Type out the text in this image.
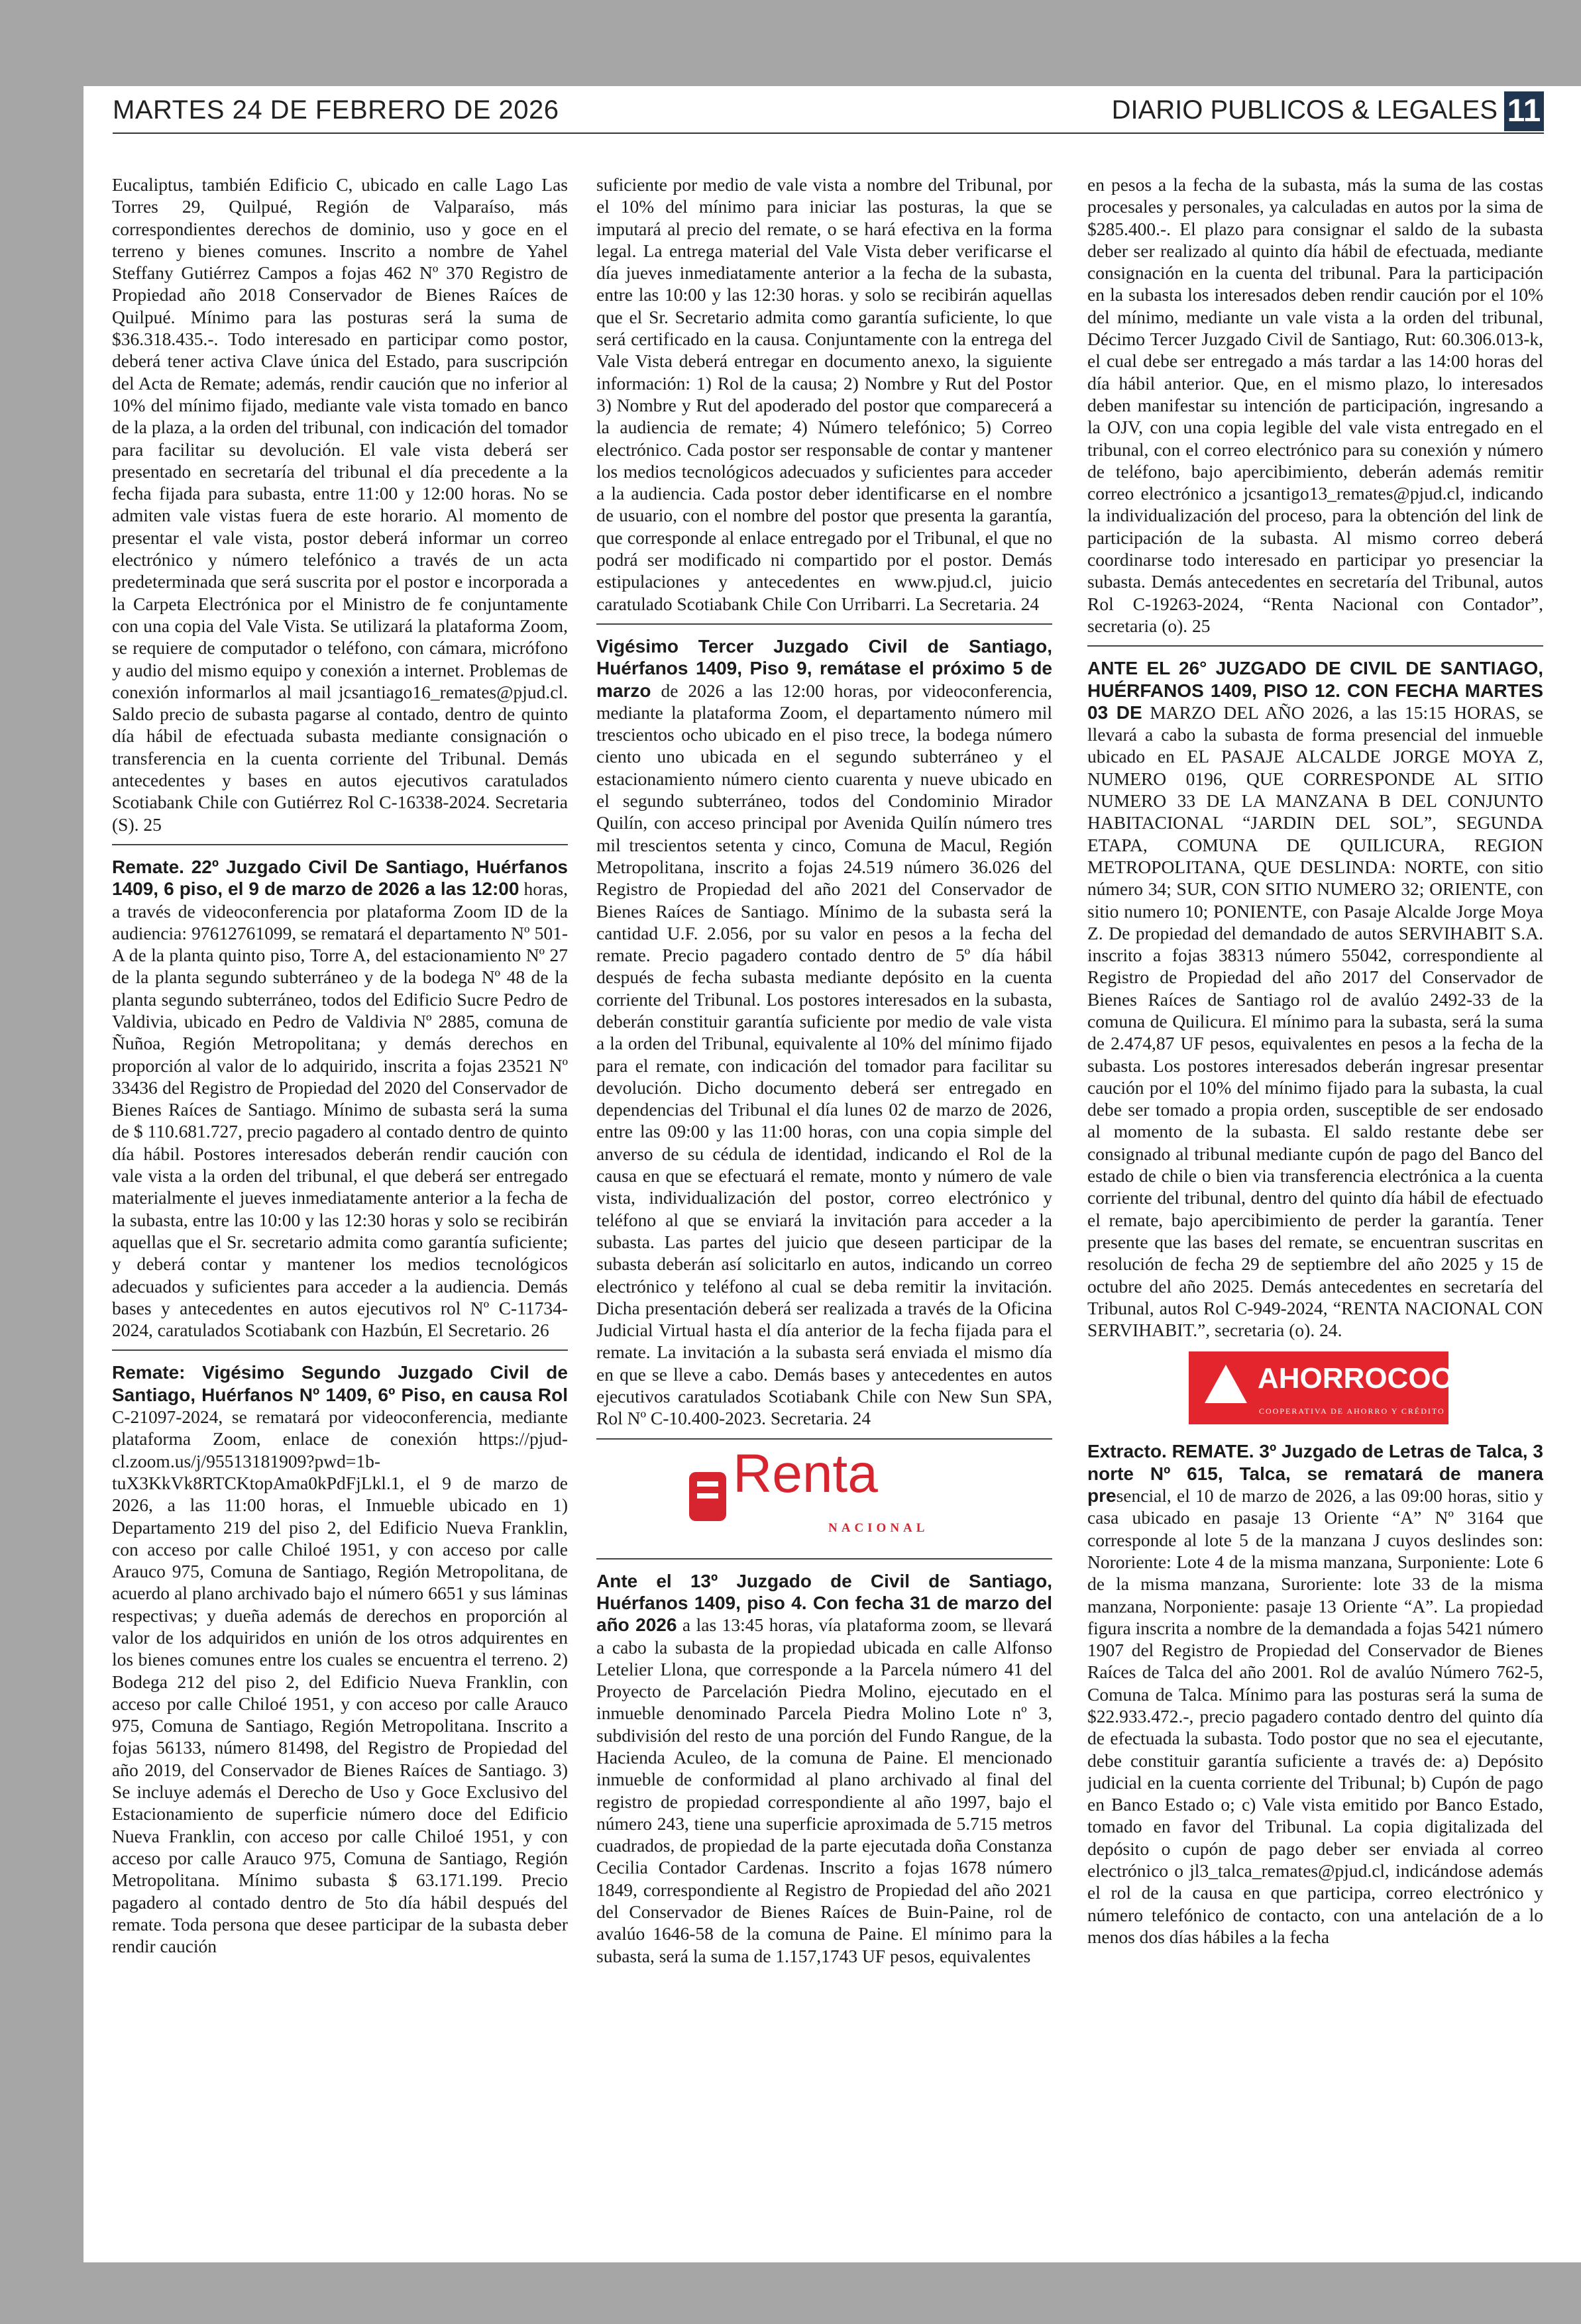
MARTES 24 DE FEBRERO DE 2026	DIARIO PUBLICOS & LEGALES 11

Eucaliptus, también Edificio C, ubicado en calle Lago Las Torres 29, Quilpué, Región de Valparaíso, más correspondientes derechos de dominio, uso y goce en el terreno y bienes comunes. Inscrito a nombre de Yahel Steffany Gutiérrez Campos a fojas 462 Nº 370 Registro de Propiedad año 2018 Conservador de Bienes Raíces de Quilpué. Mínimo para las posturas será la suma de $36.318.435.-. Todo interesado en participar como postor, deberá tener activa Clave única del Estado, para suscripción del Acta de Remate; además, rendir caución que no inferior al 10% del mínimo fijado, mediante vale vista tomado en banco de la plaza, a la orden del tribunal, con indicación del tomador para facilitar su devolución. El vale vista deberá ser presentado en secretaría del tribunal el día precedente a la fecha fijada para subasta, entre 11:00 y 12:00 horas. No se admiten vale vistas fuera de este horario. Al momento de presentar el vale vista, postor deberá informar un correo electrónico y número telefónico a través de un acta predeterminada que será suscrita por el postor e incorporada a la Carpeta Electrónica por el Ministro de fe conjuntamente con una copia del Vale Vista. Se utilizará la plataforma Zoom, se requiere de computador o teléfono, con cámara, micrófono y audio del mismo equipo y conexión a internet. Problemas de conexión informarlos al mail jcsantiago16_remates@pjud.cl. Saldo precio de subasta pagarse al contado, dentro de quinto día hábil de efectuada subasta mediante consignación o transferencia en la cuenta corriente del Tribunal. Demás antecedentes y bases en autos ejecutivos caratulados Scotiabank Chile con Gutiérrez Rol C-16338-2024. Secretaria (S). 25

Remate. 22º Juzgado Civil De Santiago, Huérfanos 1409, 6 piso, el 9 de marzo de 2026 a las 12:00 horas, a través de videoconferencia por plataforma Zoom ID de la audiencia: 97612761099, se rematará el departamento Nº 501-A de la planta quinto piso, Torre A, del estacionamiento Nº 27 de la planta segundo subterráneo y de la bodega Nº 48 de la planta segundo subterráneo, todos del Edificio Sucre Pedro de Valdivia, ubicado en Pedro de Valdivia Nº 2885, comuna de Ñuñoa, Región Metropolitana; y demás derechos en proporción al valor de lo adquirido, inscrita a fojas 23521 Nº 33436 del Registro de Propiedad del 2020 del Conservador de Bienes Raíces de Santiago. Mínimo de subasta será la suma de $ 110.681.727, precio pagadero al contado dentro de quinto día hábil. Postores interesados deberán rendir caución con vale vista a la orden del tribunal, el que deberá ser entregado materialmente el jueves inmediatamente anterior a la fecha de la subasta, entre las 10:00 y las 12:30 horas y solo se recibirán aquellas que el Sr. secretario admita como garantía suficiente; y deberá contar y mantener los medios tecnológicos adecuados y suficientes para acceder a la audiencia. Demás bases y antecedentes en autos ejecutivos rol Nº C-11734-2024, caratulados Scotiabank con Hazbún, El Secretario. 26

Remate: Vigésimo Segundo Juzgado Civil de Santiago, Huérfanos Nº 1409, 6º Piso, en causa Rol C-21097-2024, se rematará por videoconferencia, mediante plataforma Zoom, enlace de conexión https://pjud-cl.zoom.us/j/95513181909?pwd=1b-tuX3KkVk8RTCKtopAma0kPdFjLkl.1, el 9 de marzo de 2026, a las 11:00 horas, el Inmueble ubicado en 1) Departamento 219 del piso 2, del Edificio Nueva Franklin, con acceso por calle Chiloé 1951, y con acceso por calle Arauco 975, Comuna de Santiago, Región Metropolitana, de acuerdo al plano archivado bajo el número 6651 y sus láminas respectivas; y dueña además de derechos en proporción al valor de los adquiridos en unión de los otros adquirentes en los bienes comunes entre los cuales se encuentra el terreno. 2) Bodega 212 del piso 2, del Edificio Nueva Franklin, con acceso por calle Chiloé 1951, y con acceso por calle Arauco 975, Comuna de Santiago, Región Metropolitana. Inscrito a fojas 56133, número 81498, del Registro de Propiedad del año 2019, del Conservador de Bienes Raíces de Santiago. 3) Se incluye además el Derecho de Uso y Goce Exclusivo del Estacionamiento de superficie número doce del Edificio Nueva Franklin, con acceso por calle Chiloé 1951, y con acceso por calle Arauco 975, Comuna de Santiago, Región Metropolitana. Mínimo subasta $ 63.171.199. Precio pagadero al contado dentro de 5to día hábil después del remate. Toda persona que desee participar de la subasta deber rendir caución

suficiente por medio de vale vista a nombre del Tribunal, por el 10% del mínimo para iniciar las posturas, la que se imputará al precio del remate, o se hará efectiva en la forma legal. La entrega material del Vale Vista deber verificarse el día jueves inmediatamente anterior a la fecha de la subasta, entre las 10:00 y las 12:30 horas. y solo se recibirán aquellas que el Sr. Secretario admita como garantía suficiente, lo que será certificado en la causa. Conjuntamente con la entrega del Vale Vista deberá entregar en documento anexo, la siguiente información: 1) Rol de la causa; 2) Nombre y Rut del Postor 3) Nombre y Rut del apoderado del postor que comparecerá a la audiencia de remate; 4) Número telefónico; 5) Correo electrónico. Cada postor ser responsable de contar y mantener los medios tecnológicos adecuados y suficientes para acceder a la audiencia. Cada postor deber identificarse en el nombre de usuario, con el nombre del postor que presenta la garantía, que corresponde al enlace entregado por el Tribunal, el que no podrá ser modificado ni compartido por el postor. Demás estipulaciones y antecedentes en www.pjud.cl, juicio caratulado Scotiabank Chile Con Urribarri. La Secretaria. 24

Vigésimo Tercer Juzgado Civil de Santiago, Huérfanos 1409, Piso 9, remátase el próximo 5 de marzo de 2026 a las 12:00 horas, por videoconferencia, mediante la plataforma Zoom, el departamento número mil trescientos ocho ubicado en el piso trece, la bodega número ciento uno ubicada en el segundo subterráneo y el estacionamiento número ciento cuarenta y nueve ubicado en el segundo subterráneo, todos del Condominio Mirador Quilín, con acceso principal por Avenida Quilín número tres mil trescientos setenta y cinco, Comuna de Macul, Región Metropolitana, inscrito a fojas 24.519 número 36.026 del Registro de Propiedad del año 2021 del Conservador de Bienes Raíces de Santiago. Mínimo de la subasta será la cantidad U.F. 2.056, por su valor en pesos a la fecha del remate. Precio pagadero contado dentro de 5º día hábil después de fecha subasta mediante depósito en la cuenta corriente del Tribunal. Los postores interesados en la subasta, deberán constituir garantía suficiente por medio de vale vista a la orden del Tribunal, equivalente al 10% del mínimo fijado para el remate, con indicación del tomador para facilitar su devolución. Dicho documento deberá ser entregado en dependencias del Tribunal el día lunes 02 de marzo de 2026, entre las 09:00 y las 11:00 horas, con una copia simple del anverso de su cédula de identidad, indicando el Rol de la causa en que se efectuará el remate, monto y número de vale vista, individualización del postor, correo electrónico y teléfono al que se enviará la invitación para acceder a la subasta. Las partes del juicio que deseen participar de la subasta deberán así solicitarlo en autos, indicando un correo electrónico y teléfono al cual se deba remitir la invitación. Dicha presentación deberá ser realizada a través de la Oficina Judicial Virtual hasta el día anterior de la fecha fijada para el remate. La invitación a la subasta será enviada el mismo día en que se lleve a cabo. Demás bases y antecedentes en autos ejecutivos caratulados Scotiabank Chile con New Sun SPA, Rol Nº C-10.400-2023. Secretaria. 24

Renta
NACIONAL

Ante el 13º Juzgado de Civil de Santiago, Huérfanos 1409, piso 4. Con fecha 31 de marzo del año 2026 a las 13:45 horas, vía plataforma zoom, se llevará a cabo la subasta de la propiedad ubicada en calle Alfonso Letelier Llona, que corresponde a la Parcela número 41 del Proyecto de Parcelación Piedra Molino, ejecutado en el inmueble denominado Parcela Piedra Molino Lote nº 3, subdivisión del resto de una porción del Fundo Rangue, de la Hacienda Aculeo, de la comuna de Paine. El mencionado inmueble de conformidad al plano archivado al final del registro de propiedad correspondiente al año 1997, bajo el número 243, tiene una superficie aproximada de 5.715 metros cuadrados, de propiedad de la parte ejecutada doña Constanza Cecilia Contador Cardenas. Inscrito a fojas 1678 número 1849, correspondiente al Registro de Propiedad del año 2021 del Conservador de Bienes Raíces de Buin-Paine, rol de avalúo 1646-58 de la comuna de Paine. El mínimo para la subasta, será la suma de 1.157,1743 UF pesos, equivalentes

en pesos a la fecha de la subasta, más la suma de las costas procesales y personales, ya calculadas en autos por la sima de $285.400.-. El plazo para consignar el saldo de la subasta deber ser realizado al quinto día hábil de efectuada, mediante consignación en la cuenta del tribunal. Para la participación en la subasta los interesados deben rendir caución por el 10% del mínimo, mediante un vale vista a la orden del tribunal, Décimo Tercer Juzgado Civil de Santiago, Rut: 60.306.013-k, el cual debe ser entregado a más tardar a las 14:00 horas del día hábil anterior. Que, en el mismo plazo, lo interesados deben manifestar su intención de participación, ingresando a la OJV, con una copia legible del vale vista entregado en el tribunal, con el correo electrónico para su conexión y número de teléfono, bajo apercibimiento, deberán además remitir correo electrónico a jcsantigo13_remates@pjud.cl, indicando la individualización del proceso, para la obtención del link de participación de la subasta. Al mismo correo deberá coordinarse todo interesado en participar yo presenciar la subasta. Demás antecedentes en secretaría del Tribunal, autos Rol C-19263-2024, “Renta Nacional con Contador”, secretaria (o). 25

ANTE EL 26° JUZGADO DE CIVIL DE SANTIAGO, HUÉRFANOS 1409, PISO 12. CON FECHA MARTES 03 DE MARZO DEL AÑO 2026, a las 15:15 HORAS, se llevará a cabo la subasta de forma presencial del inmueble ubicado en EL PASAJE ALCALDE JORGE MOYA Z, NUMERO 0196, QUE CORRESPONDE AL SITIO NUMERO 33 DE LA MANZANA B DEL CONJUNTO HABITACIONAL “JARDIN DEL SOL”, SEGUNDA ETAPA, COMUNA DE QUILICURA, REGION METROPOLITANA, QUE DESLINDA: NORTE, con sitio número 34; SUR, CON SITIO NUMERO 32; ORIENTE, con sitio numero 10; PONIENTE, con Pasaje Alcalde Jorge Moya Z. De propiedad del demandado de autos SERVIHABIT S.A. inscrito a fojas 38313 número 55042, correspondiente al Registro de Propiedad del año 2017 del Conservador de Bienes Raíces de Santiago rol de avalúo 2492-33 de la comuna de Quilicura. El mínimo para la subasta, será la suma de 2.474,87 UF pesos, equivalentes en pesos a la fecha de la subasta. Los postores interesados deberán ingresar presentar caución por el 10% del mínimo fijado para la subasta, la cual debe ser tomado a propia orden, susceptible de ser endosado al momento de la subasta. El saldo restante debe ser consignado al tribunal mediante cupón de pago del Banco del estado de chile o bien via transferencia electrónica a la cuenta corriente del tribunal, dentro del quinto día hábil de efectuado el remate, bajo apercibimiento de perder la garantía. Tener presente que las bases del remate, se encuentran suscritas en resolución de fecha 29 de septiembre del año 2025 y 15 de octubre del año 2025. Demás antecedentes en secretaría del Tribunal, autos Rol C-949-2024, “RENTA NACIONAL CON SERVIHABIT.”, secretaria (o). 24.

AHORROCOOP
COOPERATIVA DE AHORRO Y CRÉDITO

Extracto. REMATE. 3º Juzgado de Letras de Talca, 3 norte Nº 615, Talca, se rematará de manera presencial, el 10 de marzo de 2026, a las 09:00 horas, sitio y casa ubicado en pasaje 13 Oriente “A” Nº 3164 que corresponde al lote 5 de la manzana J cuyos deslindes son: Nororiente: Lote 4 de la misma manzana, Surponiente: Lote 6 de la misma manzana, Suroriente: lote 33 de la misma manzana, Norponiente: pasaje 13 Oriente “A”. La propiedad figura inscrita a nombre de la demandada a fojas 5421 número 1907 del Registro de Propiedad del Conservador de Bienes Raíces de Talca del año 2001. Rol de avalúo Número 762-5, Comuna de Talca. Mínimo para las posturas será la suma de $22.933.472.-, precio pagadero contado dentro del quinto día de efectuada la subasta. Todo postor que no sea el ejecutante, debe constituir garantía suficiente a través de: a) Depósito judicial en la cuenta corriente del Tribunal; b) Cupón de pago en Banco Estado o; c) Vale vista emitido por Banco Estado, tomado en favor del Tribunal. La copia digitalizada del depósito o cupón de pago deber ser enviada al correo electrónico o jl3_talca_remates@pjud.cl, indicándose además el rol de la causa en que participa, correo electrónico y número telefónico de contacto, con una antelación de a lo menos dos días hábiles a la fecha
